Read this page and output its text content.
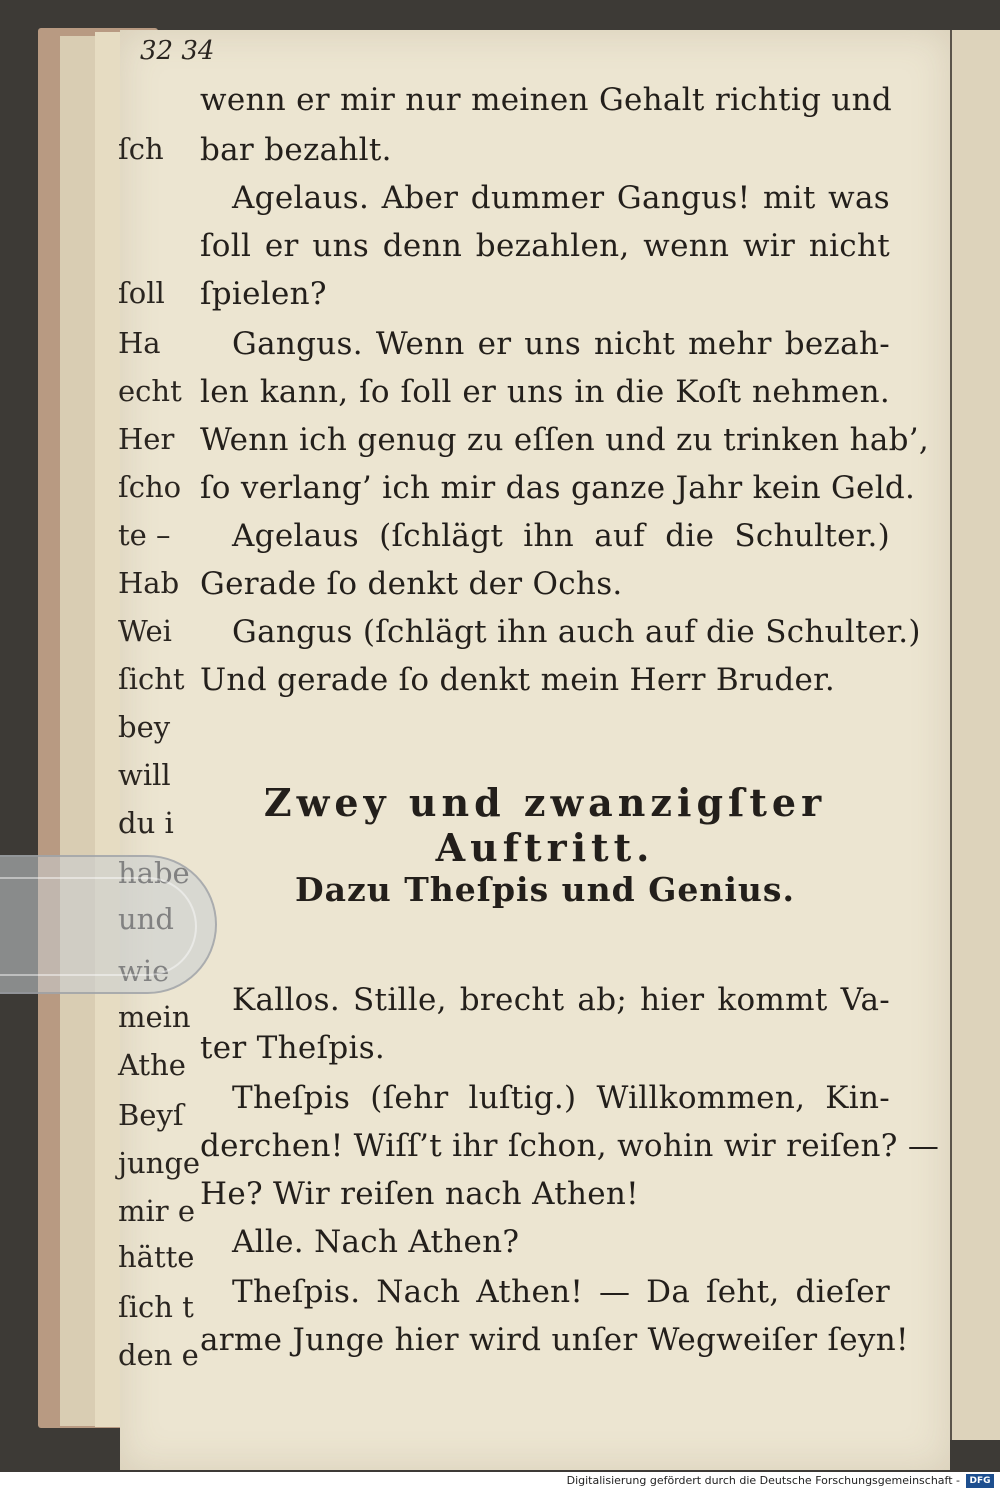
32 34
ſch
ſoll
Ha
echt
Her
ſcho
te –
Hab
Wei
ſicht
bey
will
du i
mein
Athe
Beyſ
junge
mir e
hätte
ſich t
den e
wenn er mir nur meinen Gehalt richtig und
bar bezahlt.
Agelaus. Aber dummer Gangus! mit was
ſoll er uns denn bezahlen, wenn wir nicht
ſpielen?
Gangus. Wenn er uns nicht mehr bezah-
len kann, ſo ſoll er uns in die Koſt nehmen.
Wenn ich genug zu eſſen und zu trinken hab’,
ſo verlang’ ich mir das ganze Jahr kein Geld.
Agelaus (ſchlägt ihn auf die Schulter.)
Gerade ſo denkt der Ochs.
Gangus (ſchlägt ihn auch auf die Schulter.)
Und gerade ſo denkt mein Herr Bruder.
Zwey und zwanzigſter Auftritt.
Dazu Theſpis und Genius.
Kallos. Stille, brecht ab; hier kommt Va-
ter Theſpis.
Theſpis (ſehr luſtig.) Willkommen, Kin-
derchen! Wiſſ’t ihr ſchon, wohin wir reiſen? —
He? Wir reiſen nach Athen!
Alle. Nach Athen?
Theſpis. Nach Athen! — Da ſeht, dieſer
arme Junge hier wird unſer Wegweiſer ſeyn!
Digitalisierung gefördert durch die Deutsche Forschungsgemeinschaft -	DFG
